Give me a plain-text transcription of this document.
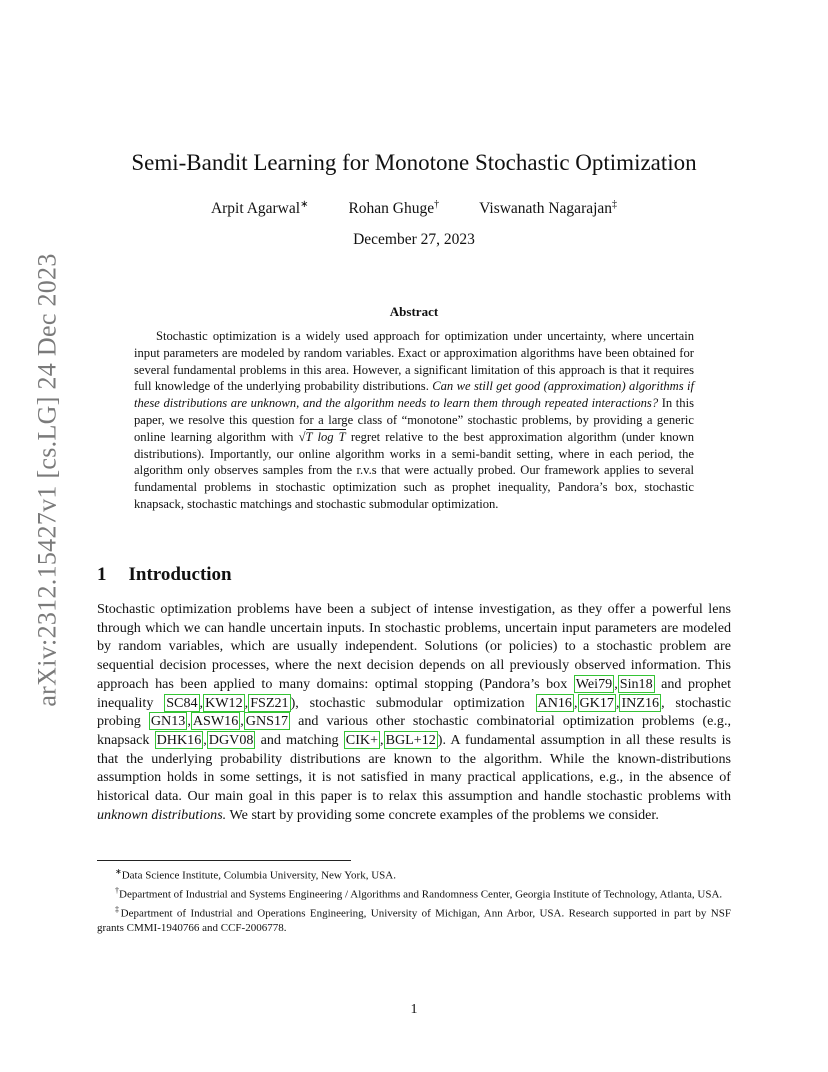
arXiv:2312.15427v1 [cs.LG] 24 Dec 2023
Semi-Bandit Learning for Monotone Stochastic Optimization
Arpit Agarwal∗	Rohan Ghuge†	Viswanath Nagarajan‡
December 27, 2023
Abstract

Stochastic optimization is a widely used approach for optimization under uncertainty, where uncertain input parameters are modeled by random variables. Exact or approximation algorithms have been obtained for several fundamental problems in this area. However, a significant limitation of this approach is that it requires full knowledge of the underlying probability distributions. Can we still get good (approximation) algorithms if these distributions are unknown, and the algorithm needs to learn them through repeated interactions? In this paper, we resolve this question for a large class of “monotone” stochastic problems, by providing a generic online learning algorithm with √T log T regret relative to the best approximation algorithm (under known distributions). Importantly, our online algorithm works in a semi-bandit setting, where in each period, the algorithm only observes samples from the r.v.s that were actually probed. Our framework applies to several fundamental problems in stochastic optimization such as prophet inequality, Pandora’s box, stochastic knapsack, stochastic matchings and stochastic submodular optimization.

1 Introduction

Stochastic optimization problems have been a subject of intense investigation, as they offer a powerful lens through which we can handle uncertain inputs. In stochastic problems, uncertain input parameters are modeled by random variables, which are usually independent. Solutions (or policies) to a stochastic problem are sequential decision processes, where the next decision depends on all previously observed information. This approach has been applied to many domains: optimal stopping (Pandora’s box Wei79 , Sin18 and prophet inequality SC84 , KW12 , FSZ21 ), stochastic submodular optimization AN16 , GK17 , INZ16 , stochastic probing GN13 , ASW16 , GNS17 and various other stochastic combinatorial optimization problems (e.g., knapsack DHK16 , DGV08 and matching CIK+ , BGL+12 ). A fundamental assumption in all these results is that the underlying probability distributions are known to the algorithm. While the known-distributions assumption holds in some settings, it is not satisfied in many practical applications, e.g., in the absence of historical data. Our main goal in this paper is to relax this assumption and handle stochastic problems with unknown distributions. We start by providing some concrete examples of the problems we consider.

∗Data Science Institute, Columbia University, New York, USA.

†Department of Industrial and Systems Engineering / Algorithms and Randomness Center, Georgia Institute of Technology, Atlanta, USA.

‡Department of Industrial and Operations Engineering, University of Michigan, Ann Arbor, USA. Research supported in part by NSF grants CMMI-1940766 and CCF-2006778.

1
